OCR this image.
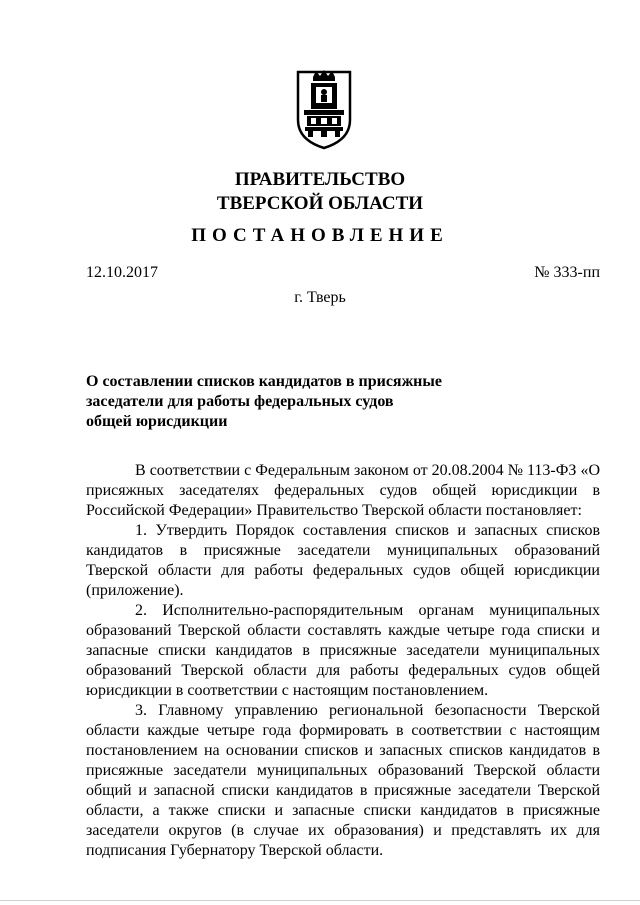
ПРАВИТЕЛЬСТВО
ТВЕРСКОЙ ОБЛАСТИ
ПОСТАНОВЛЕНИЕ
12.10.2017	№ 333-пп
г. Тверь
О составлении списков кандидатов в присяжные
заседатели для работы федеральных судов
общей юрисдикции

В соответствии с Федеральным законом от 20.08.2004 № 113-ФЗ «О присяжных заседателях федеральных судов общей юрисдикции в Российской Федерации» Правительство Тверской области постановляет:

1. Утвердить Порядок составления списков и запасных списков кандидатов в присяжные заседатели муниципальных образований Тверской области для работы федеральных судов общей юрисдикции (приложение).

2. Исполнительно-распорядительным органам муниципальных образований Тверской области составлять каждые четыре года списки и запасные списки кандидатов в присяжные заседатели муниципальных образований Тверской области для работы федеральных судов общей юрисдикции в соответствии с настоящим постановлением.

3. Главному управлению региональной безопасности Тверской области каждые четыре года формировать в соответствии с настоящим постановлением на основании списков и запасных списков кандидатов в присяжные заседатели муниципальных образований Тверской области общий и запасной списки кандидатов в присяжные заседатели Тверской области, а также списки и запасные списки кандидатов в присяжные заседатели округов (в случае их образования) и представлять их для подписания Губернатору Тверской области.
